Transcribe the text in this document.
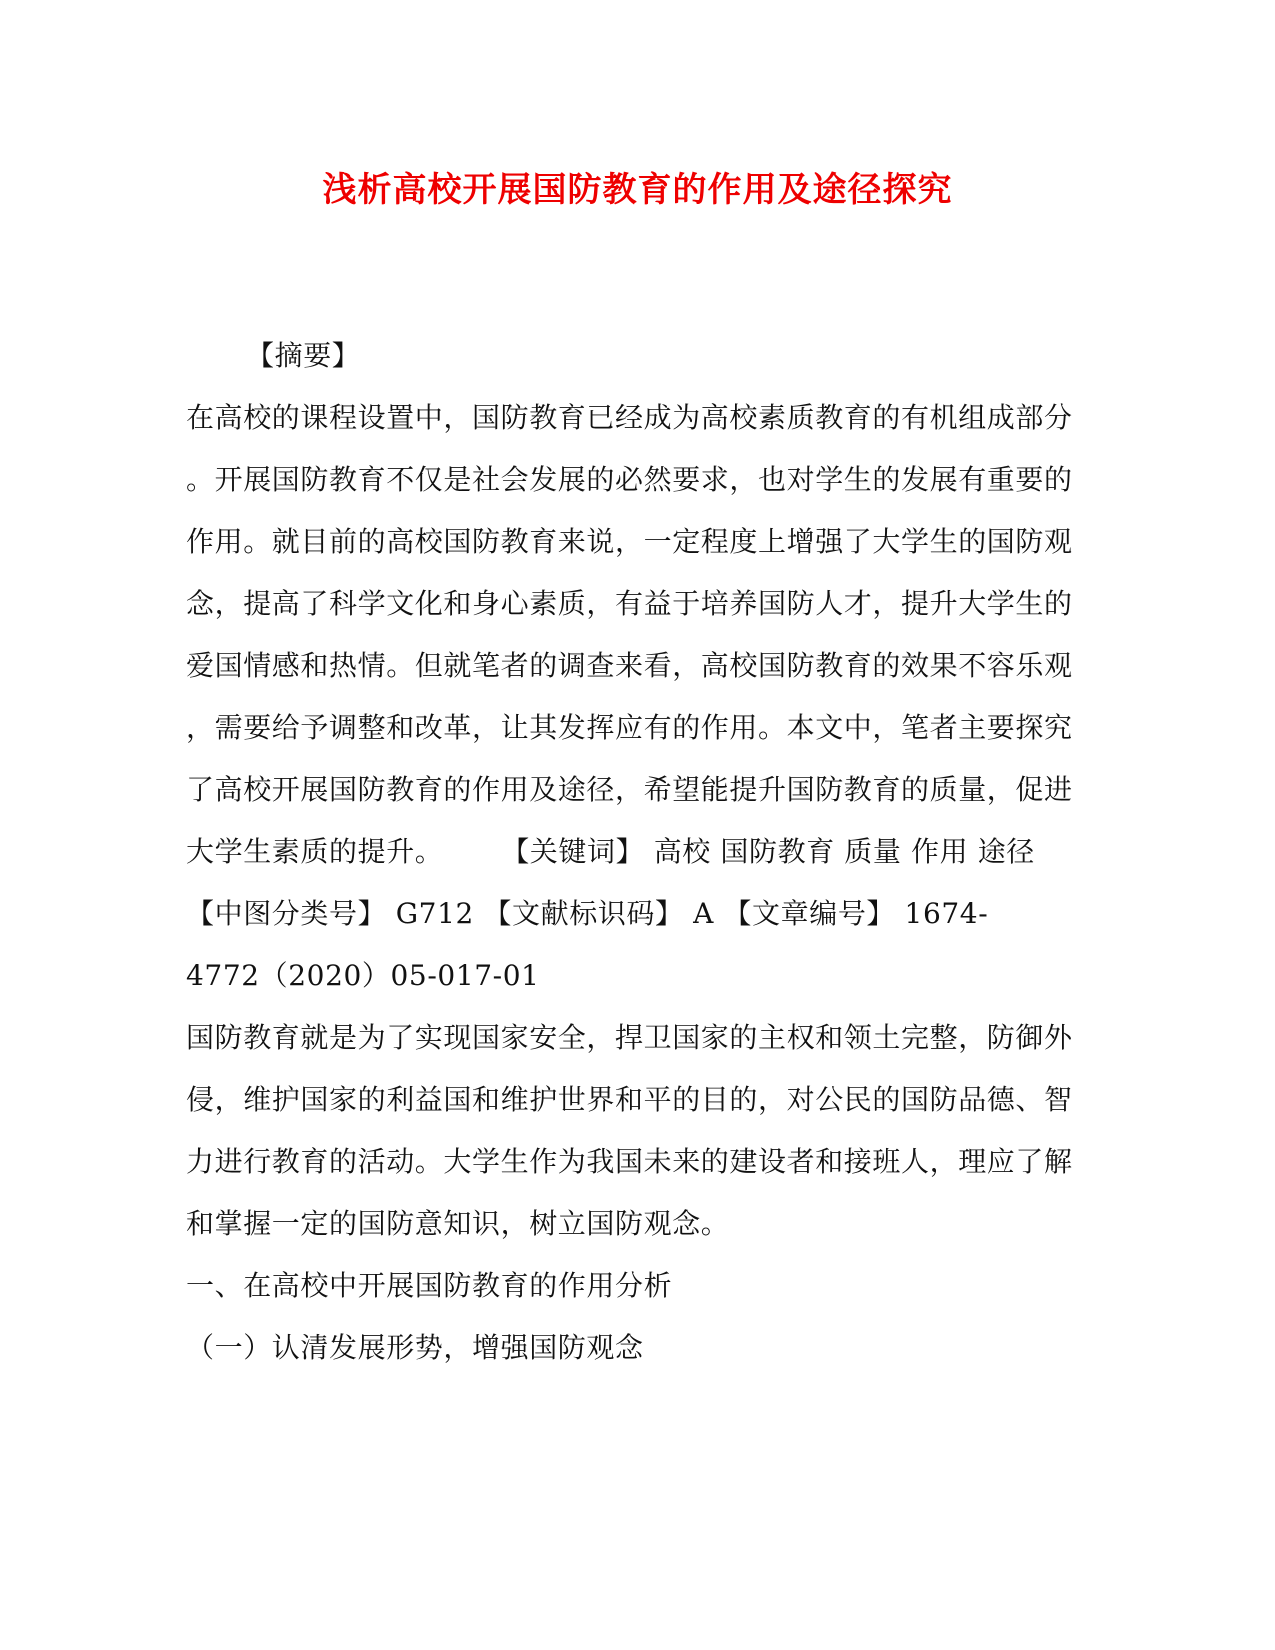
浅析高校开展国防教育的作用及途径探究
【摘要】
在高校的课程设置中，国防教育已经成为高校素质教育的有机组成部分
。开展国防教育不仅是社会发展的必然要求，也对学生的发展有重要的
作用。就目前的高校国防教育来说，一定程度上增强了大学生的国防观
念，提高了科学文化和身心素质，有益于培养国防人才，提升大学生的
爱国情感和热情。但就笔者的调查来看，高校国防教育的效果不容乐观
，需要给予调整和改革，让其发挥应有的作用。本文中，笔者主要探究
了高校开展国防教育的作用及途径，希望能提升国防教育的质量，促进
大学生素质的提升。　　　【关键词】 高校 国防教育 质量 作用 途径
【中图分类号】 G712 【文献标识码】 A 【文章编号】 1674-
4772（2020）05-017-01
国防教育就是为了实现国家安全，捍卫国家的主权和领土完整，防御外
侵，维护国家的利益国和维护世界和平的目的，对公民的国防品德、智
力进行教育的活动。大学生作为我国未来的建设者和接班人，理应了解
和掌握一定的国防意知识，树立国防观念。
一、在高校中开展国防教育的作用分析
（一）认清发展形势，增强国防观念
